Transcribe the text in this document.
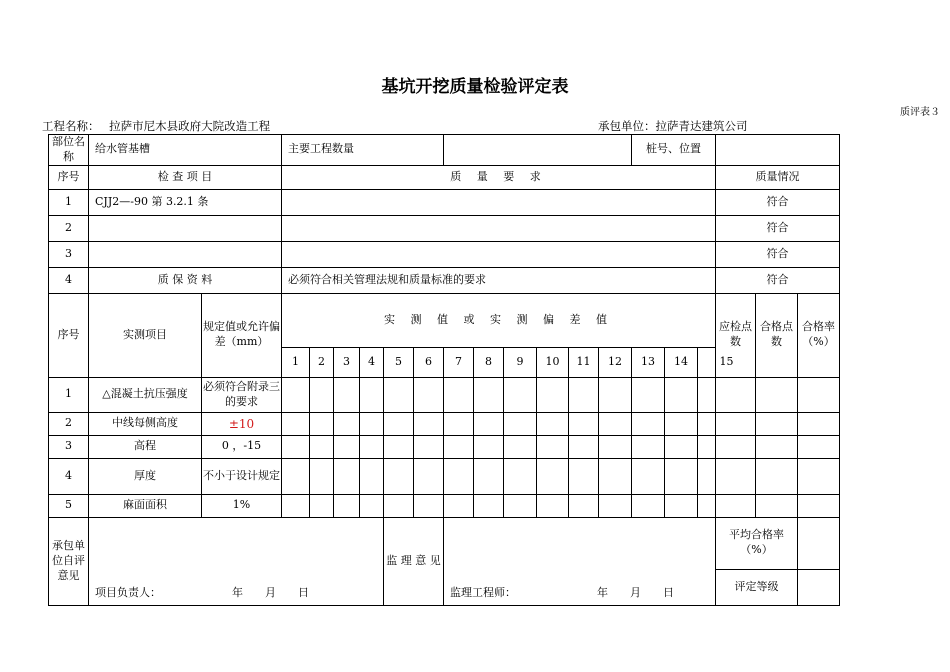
基坑开挖质量检验评定表
质评表３
工程名称： 拉萨市尼木县政府大院改造工程	承包单位：拉萨青达建筑公司
部位名称	给水管基槽		主要工程数量												桩号、位置					
序号	检 查 项 目		质 量 要 求															质量情况		
1	CJJ2—-90 第 3.2.1 条																	符合		
2																		符合		
3																		符合		
4	质 保 资 料		必须符合相关管理法规和质量标准的要求															符合		
序号	实测项目	规定值或允许偏差（mm）	实 测 值 或 实 测 偏 差 值															应检点数	合格点数	合格率（%）
			1	2	3	4	5	6	7	8	9	10	11	12	13	14	15			
1	△混凝土抗压强度	必须符合附录三的要求																		
2	中线每侧高度	±10																		
3	高程	0 ，-15																		
4	厚度	不小于设计规定																		
5	麻面面积	1%																		
承包单位自评意见	项目负责人： 年　　月　　日						监 理 意 见		监理工程师： 年　　月　　日									平均合格率（%）		
																		评定等级		
